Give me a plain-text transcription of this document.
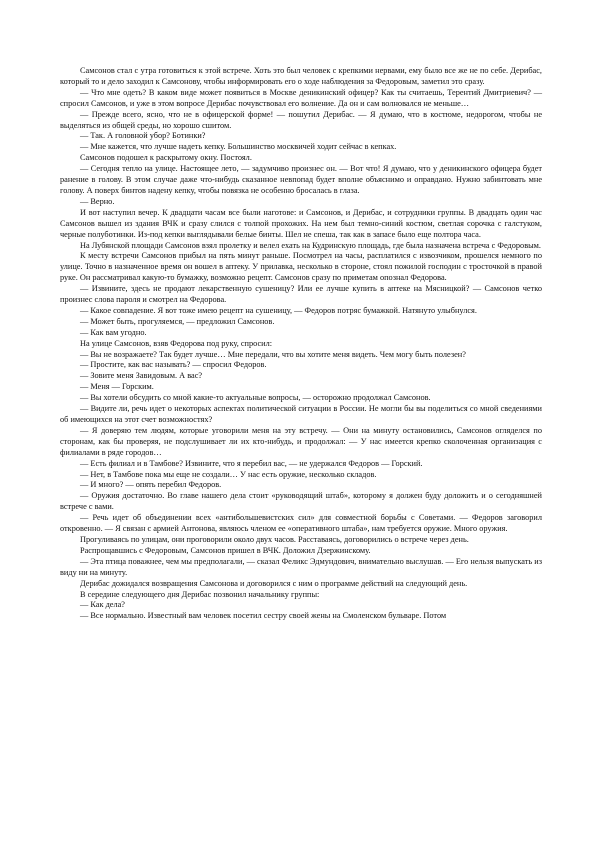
Самсонов стал с утра готовиться к этой встрече. Хоть это был человек с крепкими нервами, ему было все же не по себе. Дерибас, который то и дело заходил к Самсонову, чтобы информировать его о ходе наблюдения за Федоровым, заметил это сразу.

— Что мне одеть? В каком виде может появиться в Москве деникинский офицер? Как ты считаешь, Терентий Дмитриевич? — спросил Самсонов, и уже в этом вопросе Дерибас почувствовал его волнение. Да он и сам волновался не меньше…

— Прежде всего, ясно, что не в офицерской форме! — пошутил Дерибас. — Я думаю, что в костюме, недорогом, чтобы не выделяться из общей среды, но хорошо сшитом.

— Так. А головной убор? Ботинки?

— Мне кажется, что лучше надеть кепку. Большинство москвичей ходит сейчас в кепках.

Самсонов подошел к раскрытому окну. Постоял.

— Сегодня тепло на улице. Настоящее лето, — задумчиво произнес он. — Вот что! Я думаю, что у деникинского офицера будет ранение в голову. В этом случае даже что-нибудь сказанное невпопад будет вполне объяснимо и оправдано. Нужно забинтовать мне голову. А поверх бинтов надену кепку, чтобы повязка не особенно бросалась в глаза.

— Верно.

И вот наступил вечер. К двадцати часам все были наготове: и Самсонов, и Дерибас, и сотрудники группы. В двадцать один час Самсонов вышел из здания ВЧК и сразу слился с толпой прохожих. На нем был темно-синий костюм, светлая сорочка с галстуком, черные полуботинки. Из-под кепки выглядывали белые бинты. Шел не спеша, так как в запасе было еще полтора часа.

На Лубянской площади Самсонов взял пролетку и велел ехать на Кудринскую площадь, где была назначена встреча с Федоровым.

К месту встречи Самсонов прибыл на пять минут раньше. Посмотрел на часы, расплатился с извозчиком, прошелся немного по улице. Точно в назначенное время он вошел в аптеку. У прилавка, несколько в стороне, стоял пожилой господин с тросточкой в правой руке. Он рассматривал какую-то бумажку, возможно рецепт. Самсонов сразу по приметам опознал Федорова.

— Извините, здесь не продают лекарственную сушеницу? Или ее лучше купить в аптеке на Мясницкой? — Самсонов четко произнес слова пароля и смотрел на Федорова.

— Какое совпадение. Я вот тоже имею рецепт на сушеницу, — Федоров потряс бумажкой. Натянуто улыбнулся.

— Может быть, прогуляемся, — предложил Самсонов.

— Как вам угодно.

На улице Самсонов, взяв Федорова под руку, спросил:

— Вы не возражаете? Так будет лучше… Мне передали, что вы хотите меня видеть. Чем могу быть полезен?

— Простите, как вас называть? — спросил Федоров.

— Зовите меня Завидовым. А вас?

— Меня — Горским.

— Вы хотели обсудить со мной какие-то актуальные вопросы, — осторожно продолжал Самсонов.

— Видите ли, речь идет о некоторых аспектах политической ситуации в России. Не могли бы вы поделиться со мной сведениями об имеющихся на этот счет возможностях?

— Я доверяю тем людям, которые уговорили меня на эту встречу. — Они на минуту остановились, Самсонов огляделся по сторонам, как бы проверяя, не подслушивает ли их кто-нибудь, и продолжал: — У нас имеется крепко сколоченная организация с филиалами в ряде городов…

— Есть филиал и в Тамбове? Извините, что я перебил вас, — не удержался Федоров — Горский.

— Нет, в Тамбове пока мы еще не создали… У нас есть оружие, несколько складов.

— И много? — опять перебил Федоров.

— Оружия достаточно. Во главе нашего дела стоит «руководящий штаб», которому я должен буду доложить и о сегодняшней встрече с вами.

— Речь идет об объединении всех «антибольшевистских сил» для совместной борьбы с Советами. — Федоров заговорил откровенно. — Я связан с армией Антонова, являюсь членом ее «оперативного штаба», нам требуется оружие. Много оружия.

Прогуливаясь по улицам, они проговорили около двух часов. Расставаясь, договорились о встрече через день.

Распрощавшись с Федоровым, Самсонов пришел в ВЧК. Доложил Дзержинскому.

— Эта птица поважнее, чем мы предполагали, — сказал Феликс Эдмундович, внимательно выслушав. — Его нельзя выпускать из виду ни на минуту.

Дерибас дожидался возвращения Самсонова и договорился с ним о программе действий на следующий день.

В середине следующего дня Дерибас позвонил начальнику группы:

— Как дела?

— Все нормально. Известный вам человек посетил сестру своей жены на Смоленском бульваре. Потом
